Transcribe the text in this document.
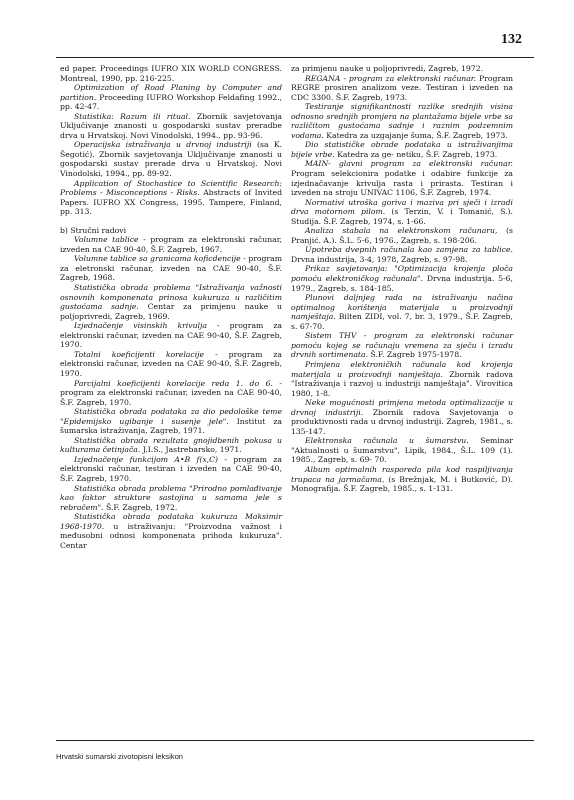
132

ed paper. Proceedings IUFRO XIX WORLD CONGRESS. Montreal, 1990, pp. 216-225.

Optimization of Road Planing by Computer and partition. Proceeding IUFRO Workshop Feldafing 1992., pp. 42-47.

Statistika: Razum ili ritual. Zbornik savjetovanja Uključivanje znanosti u gospodarski sustav preradbe drva u Hrvatskoj. Novi Vinodolski, 1994., pp. 93-96.

Operacijska istraživanja u drvnoj industriji (sa K. Šegotić). Zbornik savjetovanja Uključivanje znanosti u gospodarski sustav prerade drva u Hrvatskoj. Novi Vinodolski, 1994., pp. 89-92.

Application of Stochastice to Scientific Research: Problems - Misconceptions - Risks. Abstracts of Invited Papers. IUFRO XX Congress, 1995. Tampere, Finland, pp. 313.

b) Stručni radovi

Volumne tablice - program za elektronski računar, izveden na CAE 90-40, Š.F. Zagreb, 1967.

Volumne tablice sa granicama koficdencije - program za eletronski računar, izveden na CAE 90-40, Š.F. Zagreb, 1968.

Statistička obrada problema "Istraživanja važnosti osnovnih komponenata prinosa kukuruza u različitim gustoćama sadnje. Centar za primjenu nauke u poljoprivredi, Zagreb, 1969.

Izjednačenje visinskih krivulja - program za elektronski računar, izveden na CAE 90-40, Š.F. Zagreb, 1970.

Totalni koeficijenti korelacije - program za elektronski računar, izveden na CAE 90-40, Š.F. Zagreb, 1970.

Parcijalni koeficijenti korelacije reda 1. do 6. - program za elektronski računar, izveden na CAE 90-40, Š.F. Zagreb, 1970.

Statistička obrada podataka za dio pedološke teme "Epidemijsko ugibanje i susenje jele". Institut za šumarska istraživanja, Zagreb, 1971.

Statistička obrada rezultata gnojidbenih pokusa u kulturama četinjača. J.I.S., Jastrebarsko, 1971.

Izjednačenje funkcijom A•B f(x,C) - program za elektronski računar, testiran i izveden na CAE 90-40, Š.F. Zagreb, 1970.

Statistička obrada problema "Prirodno pomlađivanje kao faktor strukture sastojina u samama jele s rebračem". Š.F. Zagreb, 1972.

Statistička obrada podataka kukuruza Maksimir 1968-1970. u istraživanju: "Proizvodna važnost i međusobni odnosi komponenata prihoda kukuruza". Centar

za primjenu nauke u poljoprivredi, Zagreb, 1972.

REGANA - program za elektronski računar. Program REGRE prosiren analizom veze. Testiran i izveden na CDC 3300. Š.F. Zagreb, 1973.

Testiranje signifikantnosti razlike srednjih visina odnosno srednjih promjera na plantažama bijele vrbe sa različitom gustoćama sadnje i raznim podzemnim vodama. Katedra za uzgajanje šuma, Š.F. Zagreb, 1973.

Dio statističke obrade podataka u istraživanjima bijele vrbe. Katedra za ge- netiku, Š.F. Zagreb, 1973.

MAIN- glavni program za elektronski računar. Program selekcionira podatke i odabire funkcije za izjednačavanje krivulja rasta i prirasta. Testiran i izveden na stroju UNIVAC 1106, Š.F. Zagreb, 1974.

Normativi utroška goriva i maziva pri sječi i izradi drva motornom pilom. (s Terzin, V. i Tomanić, S.). Studija. Š.F. Zagreb, 1974, s. 1-66.

Analiza stabala na elektronskom računaru, (s Pranjić. A.). Š.L. 5-6, 1976., Zagreb, s. 198-206.

Upotreba dvepnih računala kao zamjena za tablice. Drvna industrija, 3-4, 1978, Zagreb, s. 97-98.

Prikaz savjetovanja: "Optimizacija krojenja ploča pomoću elektroničkog računala". Drvna industrija. 5-6, 1979., Zagreb, s. 184-185.

Plunovi daljnjeg rada na istraživanju načina optimalnog korištenja materijala u proizvodnji namještaja. Bilten ZIDI, vol. 7, br. 3, 1979., Š.F. Zagreb, s. 67-70.

Sistem THV - program za elektronski računar pomoću kojeg se računaju vremena za sječu i izradu drvnih sortimenata. Š.F. Zagreb 1975-1978.

Primjena elektroničkih računala kod krojenja materijala u proizvodnji namještaja. Zbornik radova "Istraživanja i razvoj u industriji namještaja". Virovitica 1980, 1-8.

Neke mogućnosti primjena metoda optimalizacije u drvnoj industriji. Zbornik radova Savjetovanja o produktivnosti rada u drvnoj industriji. Zagreb, 1981., s. 135-147.

Elektronska računala u šumarstvu. Seminar "Aktualnosti u šumarstvu", Lipik, 1984., Š.L. 109 (1). 1985., Zagreb, s. 69- 70.

Album optimalnih rasporeda pila kod raspiljivanja trupaca na jarmačama, (s Brežnjak, M. i Butković, D). Monografija. Š.F. Zagreb, 1985., s. 1-131.

Hrvatski sumarski zivotopisni leksikon
